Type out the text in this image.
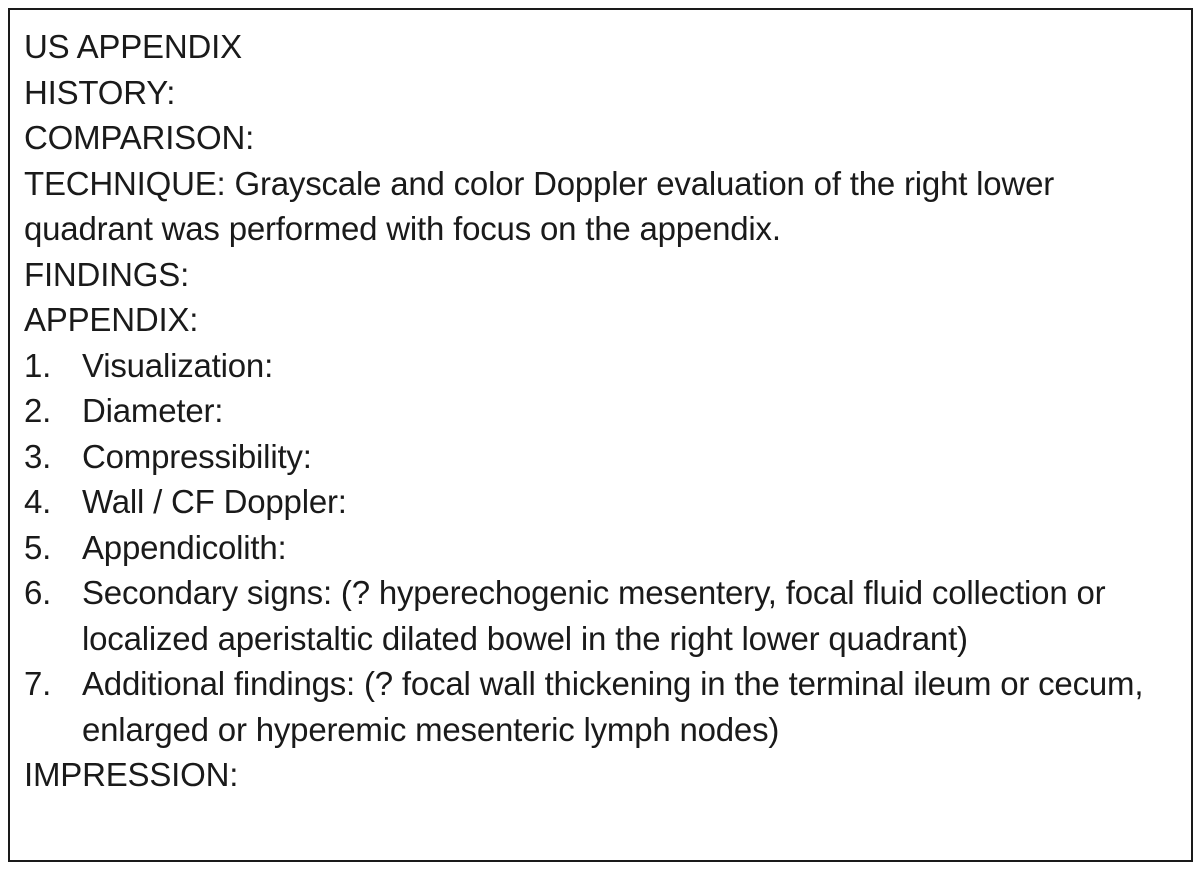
US APPENDIX
HISTORY:
COMPARISON:
TECHNIQUE: Grayscale and color Doppler evaluation of the right lower quadrant was performed with focus on the appendix.
FINDINGS:
APPENDIX:
1. Visualization:
2. Diameter:
3. Compressibility:
4. Wall / CF Doppler:
5. Appendicolith:
6. Secondary signs: (? hyperechogenic mesentery, focal fluid collection or localized aperistaltic dilated bowel in the right lower quadrant)
7. Additional findings: (? focal wall thickening in the terminal ileum or cecum, enlarged or hyperemic mesenteric lymph nodes)
IMPRESSION:
